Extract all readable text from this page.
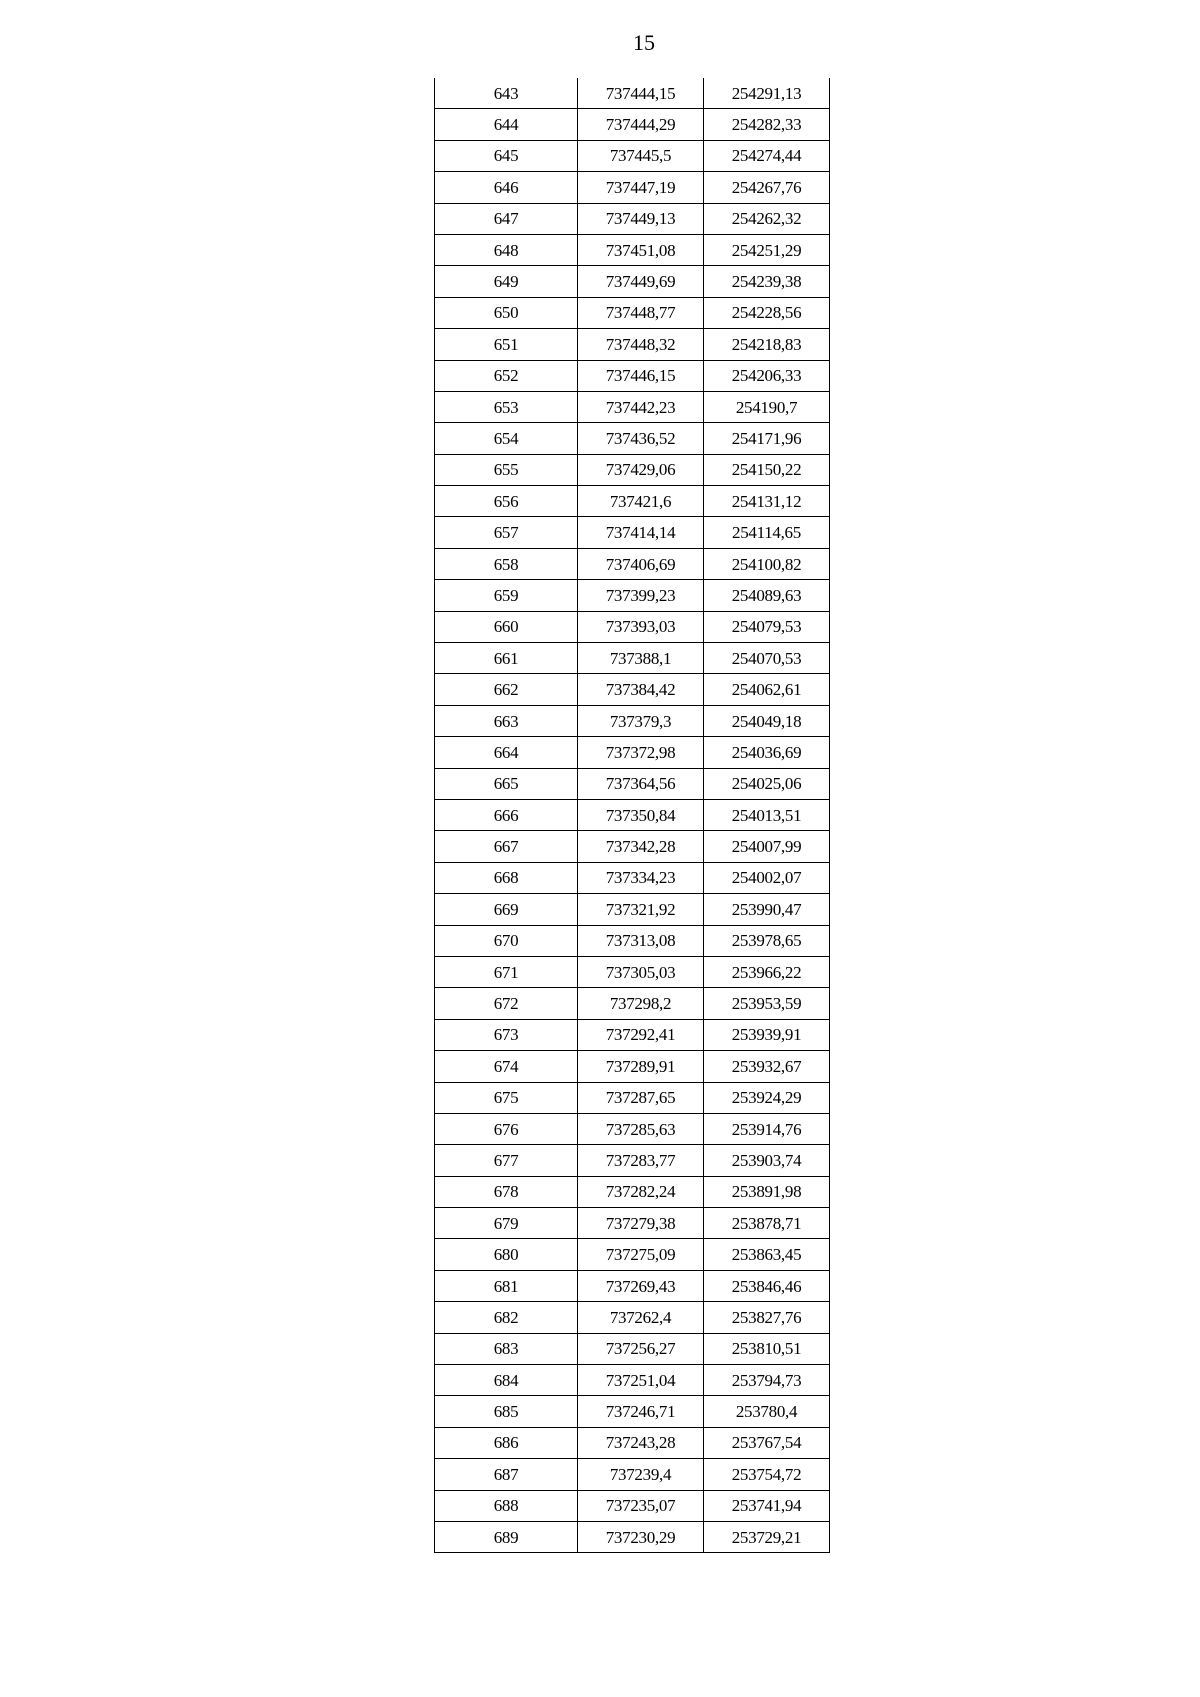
15
643	737444,15	254291,13
644	737444,29	254282,33
645	737445,5	254274,44
646	737447,19	254267,76
647	737449,13	254262,32
648	737451,08	254251,29
649	737449,69	254239,38
650	737448,77	254228,56
651	737448,32	254218,83
652	737446,15	254206,33
653	737442,23	254190,7
654	737436,52	254171,96
655	737429,06	254150,22
656	737421,6	254131,12
657	737414,14	254114,65
658	737406,69	254100,82
659	737399,23	254089,63
660	737393,03	254079,53
661	737388,1	254070,53
662	737384,42	254062,61
663	737379,3	254049,18
664	737372,98	254036,69
665	737364,56	254025,06
666	737350,84	254013,51
667	737342,28	254007,99
668	737334,23	254002,07
669	737321,92	253990,47
670	737313,08	253978,65
671	737305,03	253966,22
672	737298,2	253953,59
673	737292,41	253939,91
674	737289,91	253932,67
675	737287,65	253924,29
676	737285,63	253914,76
677	737283,77	253903,74
678	737282,24	253891,98
679	737279,38	253878,71
680	737275,09	253863,45
681	737269,43	253846,46
682	737262,4	253827,76
683	737256,27	253810,51
684	737251,04	253794,73
685	737246,71	253780,4
686	737243,28	253767,54
687	737239,4	253754,72
688	737235,07	253741,94
689	737230,29	253729,21
